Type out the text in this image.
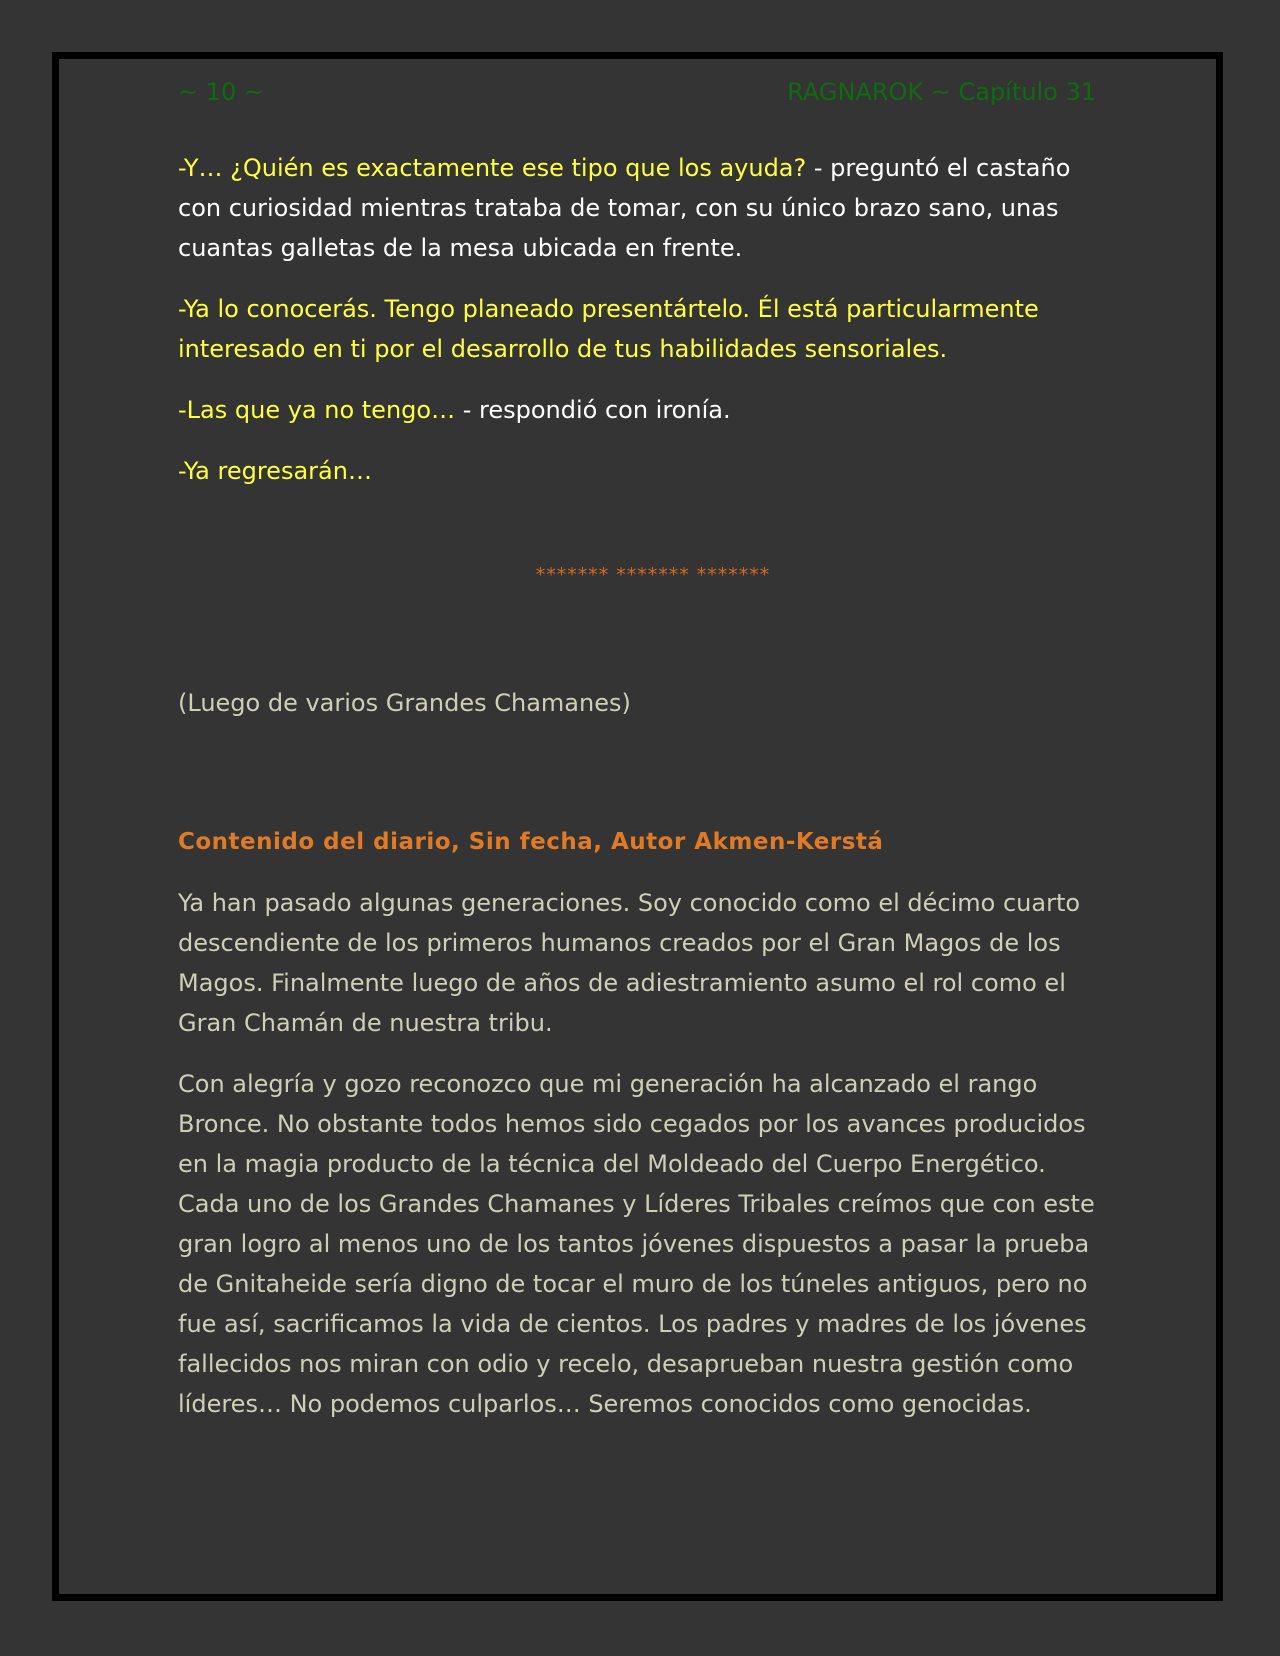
~ 10 ~	RAGNAROK ~ Capítulo 31

-Y… ¿Quién es exactamente ese tipo que los ayuda? - preguntó el castaño con curiosidad mientras trataba de tomar, con su único brazo sano, unas cuantas galletas de la mesa ubicada en frente.

-Ya lo conocerás. Tengo planeado presentártelo. Él está particularmente interesado en ti por el desarrollo de tus habilidades sensoriales.

-Las que ya no tengo… - respondió con ironía.

-Ya regresarán…

******* ******* *******

(Luego de varios Grandes Chamanes)

Contenido del diario, Sin fecha, Autor Akmen-Kerstá

Ya han pasado algunas generaciones. Soy conocido como el décimo cuarto descendiente de los primeros humanos creados por el Gran Magos de los Magos. Finalmente luego de años de adiestramiento asumo el rol como el Gran Chamán de nuestra tribu.

Con alegría y gozo reconozco que mi generación ha alcanzado el rango Bronce. No obstante todos hemos sido cegados por los avances producidos en la magia producto de la técnica del Moldeado del Cuerpo Energético. Cada uno de los Grandes Chamanes y Líderes Tribales creímos que con este gran logro al menos uno de los tantos jóvenes dispuestos a pasar la prueba de Gnitaheide sería digno de tocar el muro de los túneles antiguos, pero no fue así, sacrificamos la vida de cientos. Los padres y madres de los jóvenes fallecidos nos miran con odio y recelo, desaprueban nuestra gestión como líderes… No podemos culparlos… Seremos conocidos como genocidas.
